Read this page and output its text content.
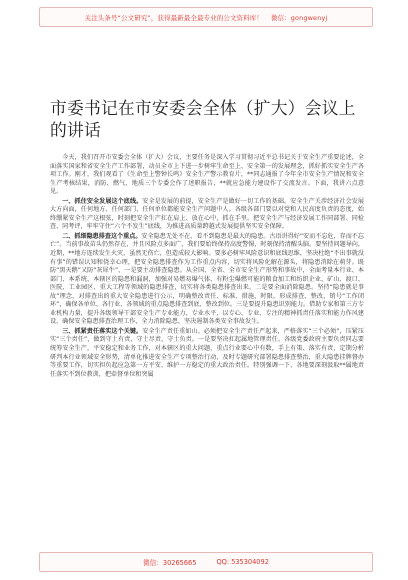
关注头条号“公文研究”，获得最新最全最专业的公文资料库！ 微信：gongwenyj
市委书记在市安委会全体（扩大）会议上的讲话

今天，我们召开市安委会全体（扩大）会议，主要任务是深入学习贯彻习近平总书记关于安全生产重要论述，全面落实国家和省安全生产工作部署，动员全市上下进一步树牢生命至上、安全第一的发展理念，抓好抓实安全生产各项工作。刚才，我们观看了《生命至上警钟长鸣》安全生产警示教育片，**同志通报了今年全市安全生产情况和安全生产考核结果，消防、燃气、地质三个专委会作了述职报告，**就应急能力建设作了交流发言。下面，我讲六点意见。

一、抓住安全发展这个底线。安全是发展的前提，安全生产是做好一切工作的基础。安全生产关涉经济社会发展大方向面，任何地方、任何部门、任何单位都能安全生产问题中人。各级各部门要以对党和人民高度负责的态度，始终绷紧安全生产这根弦，时刻把安全生产扛在肩上、放在心中，抓在手里。把安全生产与经济发展工作同部署、同检查、同考评，牢牢守住“六个不发生”底线，为推进高质量跨越式发展提供坚实安全保障。

二、抓细隐患排查这个重点。安全隐患无处不在，看不到隐患是最大的隐患。古语讲得好“安而不忘危，存而不忘亡”。当前事故苗头仍然存在，并且风险点多面广，我们要始终保持高度警惕，时刻保持清醒头脑。要坚持问题导向，近期，**地方连续发生火灾，虽然无伤亡，但造成较大影响。要多必树牢风险意识和底线思维，坚决杜绝“不出事就没有事”的错误认知和侥幸心理，把安全隐患排查作为工作重点内容，切实将风险化解在源头，将隐患消除在萌芽。既防“黑天鹅”又防“灰犀牛”，一是要主动排查隐患。从全国、全省、全市安全生产形势和事故中，全面考量本行业、本部门、本系统、本辖区的隐患和漏洞，加强对易燃易爆气体、有粉尘爆燃可能的粮食加工和纺织企业、矿山、渡口、医院、工业园区、重大工程等领域的隐患排查，切实将各类隐患排查出来。二是要全面消除隐患。坚持“隐患就是事故”理念，对排查出的重大安全隐患进行公示，明确整改责任、标准、措施、时限，形成排查、整改、销号“工作闭环”，确保各单位、各行业、各领域的重点隐患排查到底、整改到位。三是要提升隐患识别能力。借助专家和第三方专业机构力量，提升各级领导干部安全生产专业能力、专业水平，以专心、专业、专注的精神抓责任落实和能力作风建设，确保安全隐患排查治理工作，全力消除隐患，坚决遏制各类安全事故发生。

三、抓紧责任落实这个关键。安全生产责任重如山。必须把安全生产责任严起来，严格落实“三个必须”，压紧压实“三个责任”，做到守土有责、守土尽责、守土负责。一是要坚决扛起属地管理责任。各级党委政府主要负责同志要统筹安全生产，平安稳定和业务工作，对本辖区的重大问题，重点行业要心中有数，手上有策、落实有责，定期分析研判本行业领域安全形势，清单化推进安全生产专项整治行动，及时专题研究部署隐患排查整治，重大隐患挂牌督办等重要工作，切实担负起应急第一方平安、维护一方稳定的重大政治责任。特别强调一下，各地要深刻汲取**属地责任落实不到位教训，把牵督单位和突属

微信：30265665	QQ: 535304092
